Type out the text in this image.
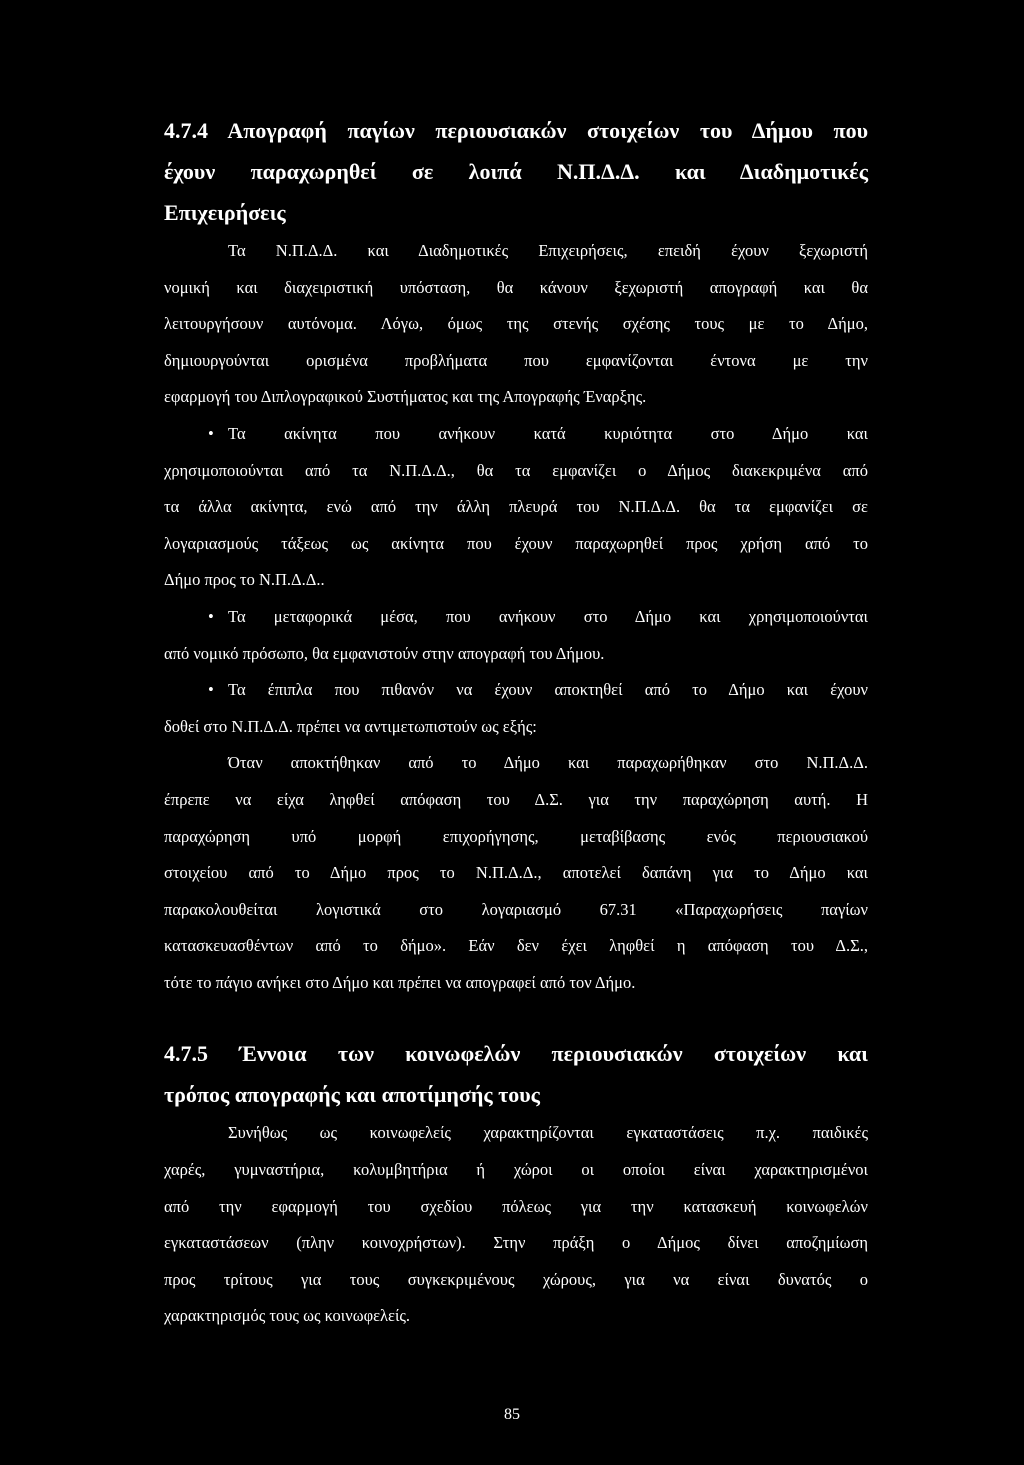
4.7.4 Απογραφή παγίων περιουσιακών στοιχείων του Δήμου που
έχουν παραχωρηθεί σε λοιπά Ν.Π.Δ.Δ. και Διαδημοτικές
Επιχειρήσεις

Τα Ν.Π.Δ.Δ. και Διαδημοτικές Επιχειρήσεις, επειδή έχουν ξεχωριστή
νομική και διαχειριστική υπόσταση, θα κάνουν ξεχωριστή απογραφή και θα
λειτουργήσουν αυτόνομα. Λόγω, όμως της στενής σχέσης τους με το Δήμο,
δημιουργούνται ορισμένα προβλήματα που εμφανίζονται έντονα με την
εφαρμογή του Διπλογραφικού Συστήματος και της Απογραφής Έναρξης.

• Τα ακίνητα που ανήκουν κατά κυριότητα στο Δήμο και
χρησιμοποιούνται από τα Ν.Π.Δ.Δ., θα τα εμφανίζει ο Δήμος διακεκριμένα από
τα άλλα ακίνητα, ενώ από την άλλη πλευρά του Ν.Π.Δ.Δ. θα τα εμφανίζει σε
λογαριασμούς τάξεως ως ακίνητα που έχουν παραχωρηθεί προς χρήση από το
Δήμο προς το Ν.Π.Δ.Δ..

• Τα μεταφορικά μέσα, που ανήκουν στο Δήμο και χρησιμοποιούνται
από νομικό πρόσωπο, θα εμφανιστούν στην απογραφή του Δήμου.

• Τα έπιπλα που πιθανόν να έχουν αποκτηθεί από το Δήμο και έχουν
δοθεί στο Ν.Π.Δ.Δ. πρέπει να αντιμετωπιστούν ως εξής:

Όταν αποκτήθηκαν από το Δήμο και παραχωρήθηκαν στο Ν.Π.Δ.Δ.
έπρεπε να είχα ληφθεί απόφαση του Δ.Σ. για την παραχώρηση αυτή. Η
παραχώρηση υπό μορφή επιχορήγησης, μεταβίβασης ενός περιουσιακού
στοιχείου από το Δήμο προς το Ν.Π.Δ.Δ., αποτελεί δαπάνη για το Δήμο και
παρακολουθείται λογιστικά στο λογαριασμό 67.31 «Παραχωρήσεις παγίων
κατασκευασθέντων από το δήμο». Εάν δεν έχει ληφθεί η απόφαση του Δ.Σ.,
τότε το πάγιο ανήκει στο Δήμο και πρέπει να απογραφεί από τον Δήμο.

4.7.5 Έννοια των κοινωφελών περιουσιακών στοιχείων και
τρόπος απογραφής και αποτίμησής τους

Συνήθως ως κοινωφελείς χαρακτηρίζονται εγκαταστάσεις π.χ. παιδικές
χαρές, γυμναστήρια, κολυμβητήρια ή χώροι οι οποίοι είναι χαρακτηρισμένοι
από την εφαρμογή του σχεδίου πόλεως για την κατασκευή κοινωφελών
εγκαταστάσεων (πλην κοινοχρήστων). Στην πράξη ο Δήμος δίνει αποζημίωση
προς τρίτους για τους συγκεκριμένους χώρους, για να είναι δυνατός ο
χαρακτηρισμός τους ως κοινωφελείς.

85
